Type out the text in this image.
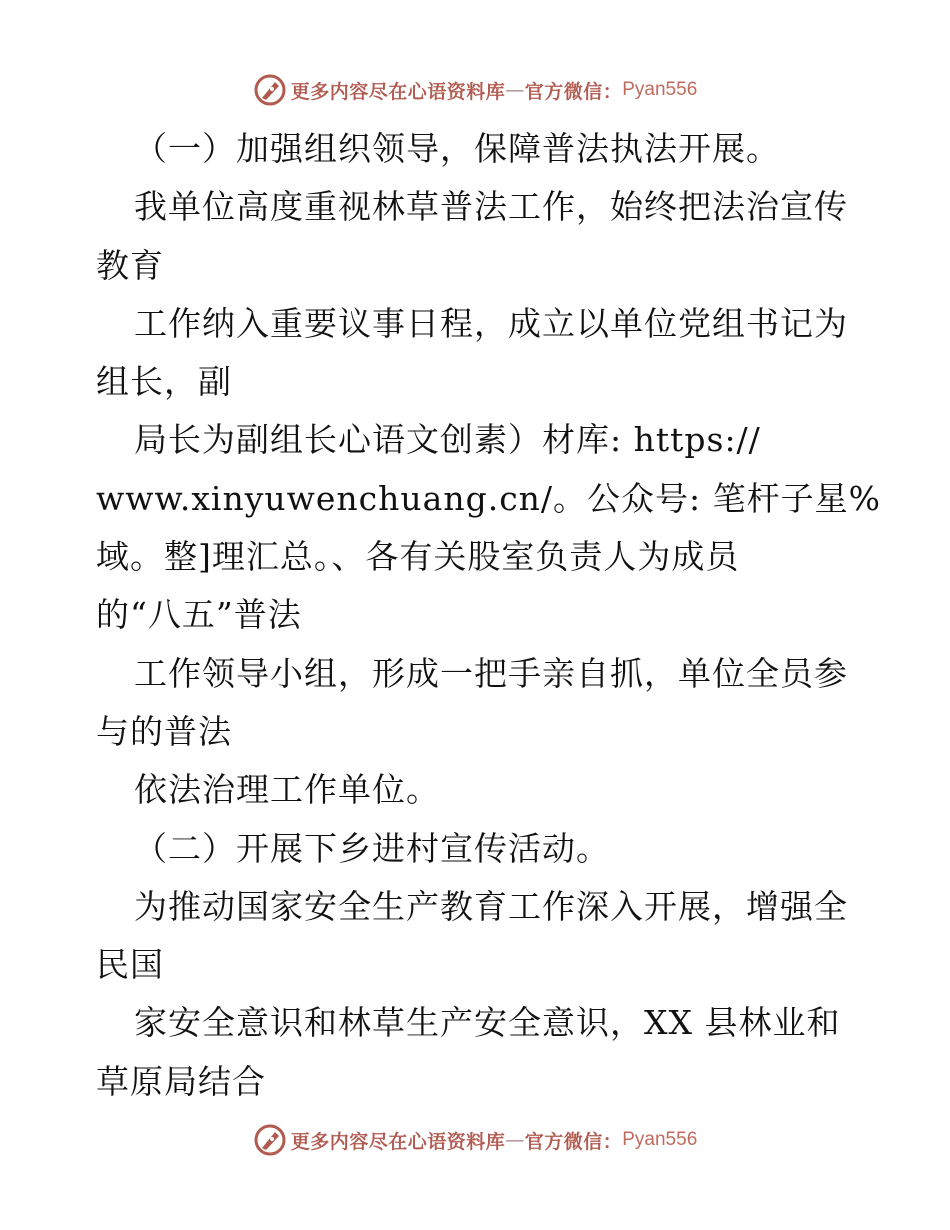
更多内容尽在心语资料库 — 官方微信： Pyan556
（一）加强组织领导，保障普法执法开展。
我单位高度重视林草普法工作，始终把法治宣传
教育
工作纳入重要议事日程，成立以单位党组书记为
组长，副
局长为副组长心语文创素）材库: https://
www.xinyuwenchuang.cn/。公众号: 笔杆子星%
域。整]理汇总。、各有关股室负责人为成员
的“八五”普法
工作领导小组，形成一把手亲自抓，单位全员参
与的普法
依法治理工作单位。
（二）开展下乡进村宣传活动。
为推动国家安全生产教育工作深入开展，增强全
民国
家安全意识和林草生产安全意识，XX 县林业和
草原局结合
更多内容尽在心语资料库 — 官方微信： Pyan556
